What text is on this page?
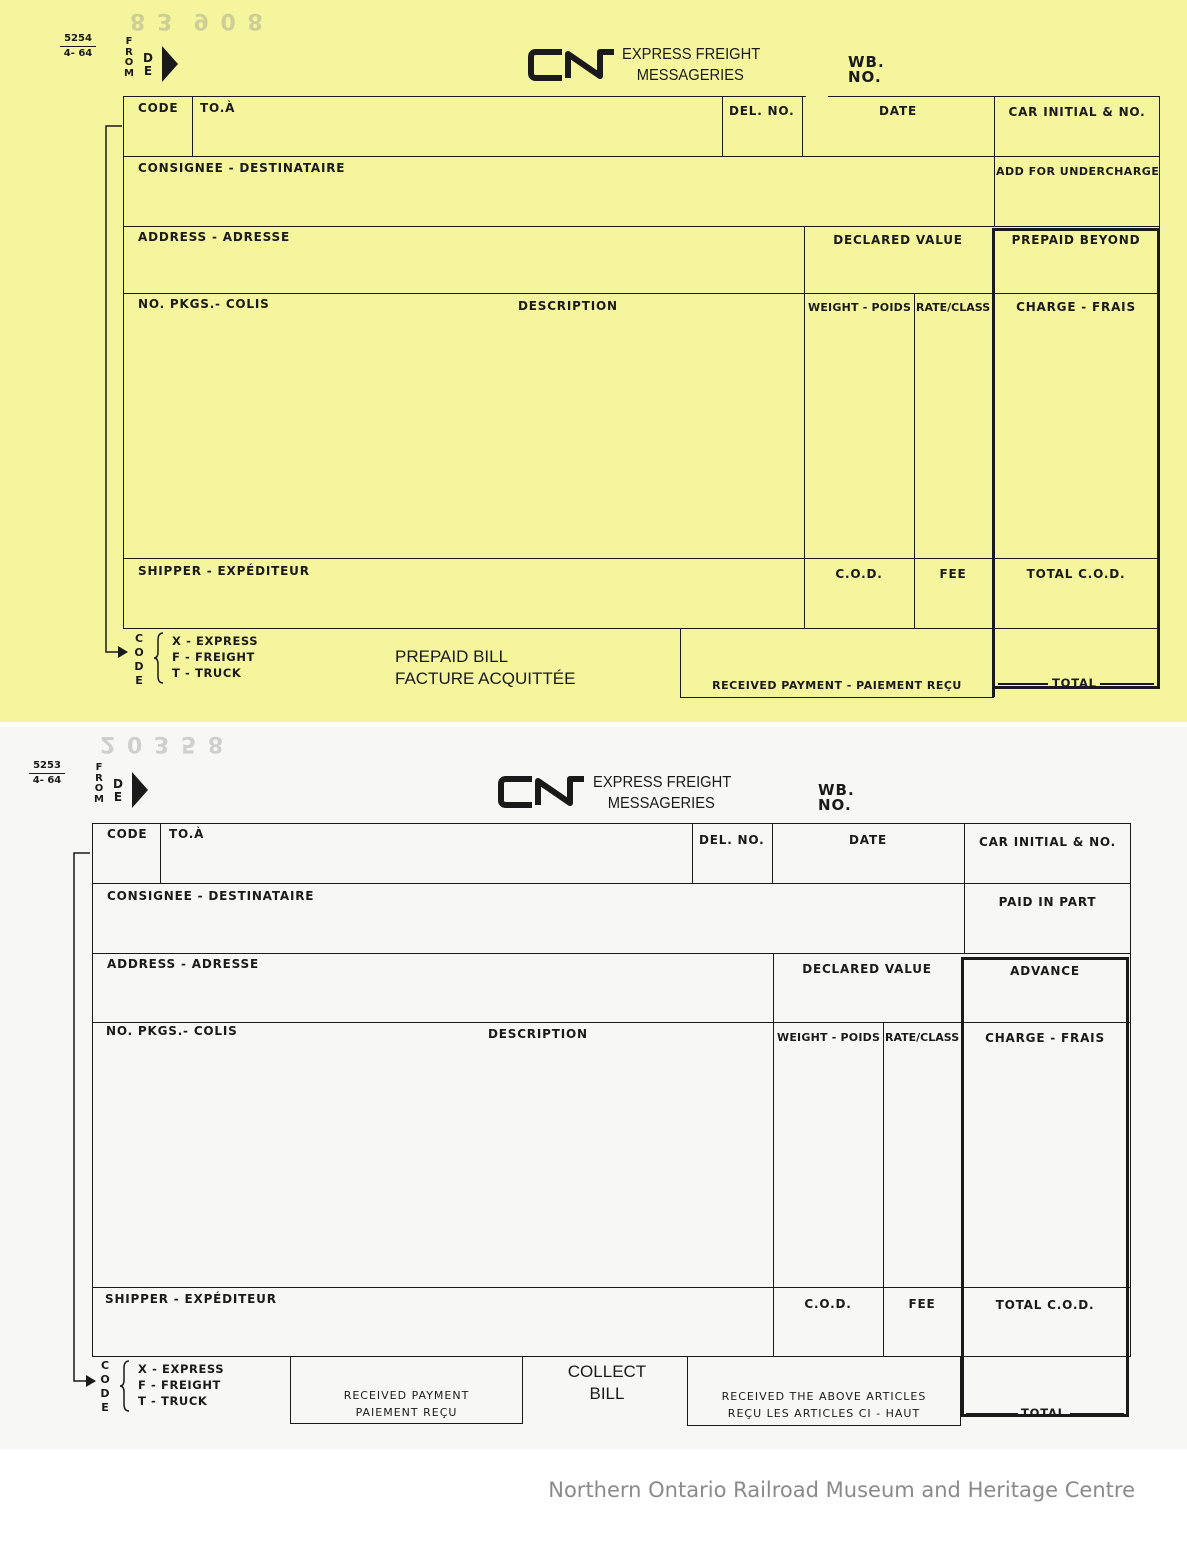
5254
4- 64
F
R
O
M
D
E
EXPRESS FREIGHT
MESSAGERIES
WB.
NO.
CODE TO.À	DEL. NO.	DATE	CAR INITIAL & NO.
CONSIGNEE - DESTINATAIRE	ADD FOR UNDERCHARGE
ADDRESS - ADRESSE	DECLARED VALUE	PREPAID BEYOND
NO. PKGS.- COLIS	DESCRIPTION	WEIGHT - POIDS RATE/CLASS	CHARGE - FRAIS
SHIPPER - EXPÉDITEUR	C.O.D.	FEE	TOTAL C.O.D.
C
O
D
E
X - EXPRESS
F - FREIGHT
T - TRUCK
PREPAID BILL
FACTURE ACQUITTÉE	RECEIVED PAYMENT - PAIEMENT REÇU	TOTAL
8 3  9 0 8
5253
4- 64
F
R
O
M
D
E
EXPRESS FREIGHT
MESSAGERIES
WB.
NO.
CODE TO.À	DEL. NO.	DATE	CAR INITIAL & NO.
CONSIGNEE - DESTINATAIRE	PAID IN PART
ADDRESS - ADRESSE	DECLARED VALUE	ADVANCE
NO. PKGS.- COLIS	DESCRIPTION	WEIGHT - POIDS RATE/CLASS	CHARGE - FRAIS
SHIPPER - EXPÉDITEUR	C.O.D.	FEE	TOTAL C.O.D.
C
O
D
E
X - EXPRESS
F - FREIGHT
T - TRUCK	RECEIVED PAYMENT
PAIEMENT REÇU
COLLECT
BILL	RECEIVED THE ABOVE ARTICLES
REÇU LES ARTICLES CI - HAUT	TOTAL
2 0 3 5 8
Northern Ontario Railroad Museum and Heritage Centre
